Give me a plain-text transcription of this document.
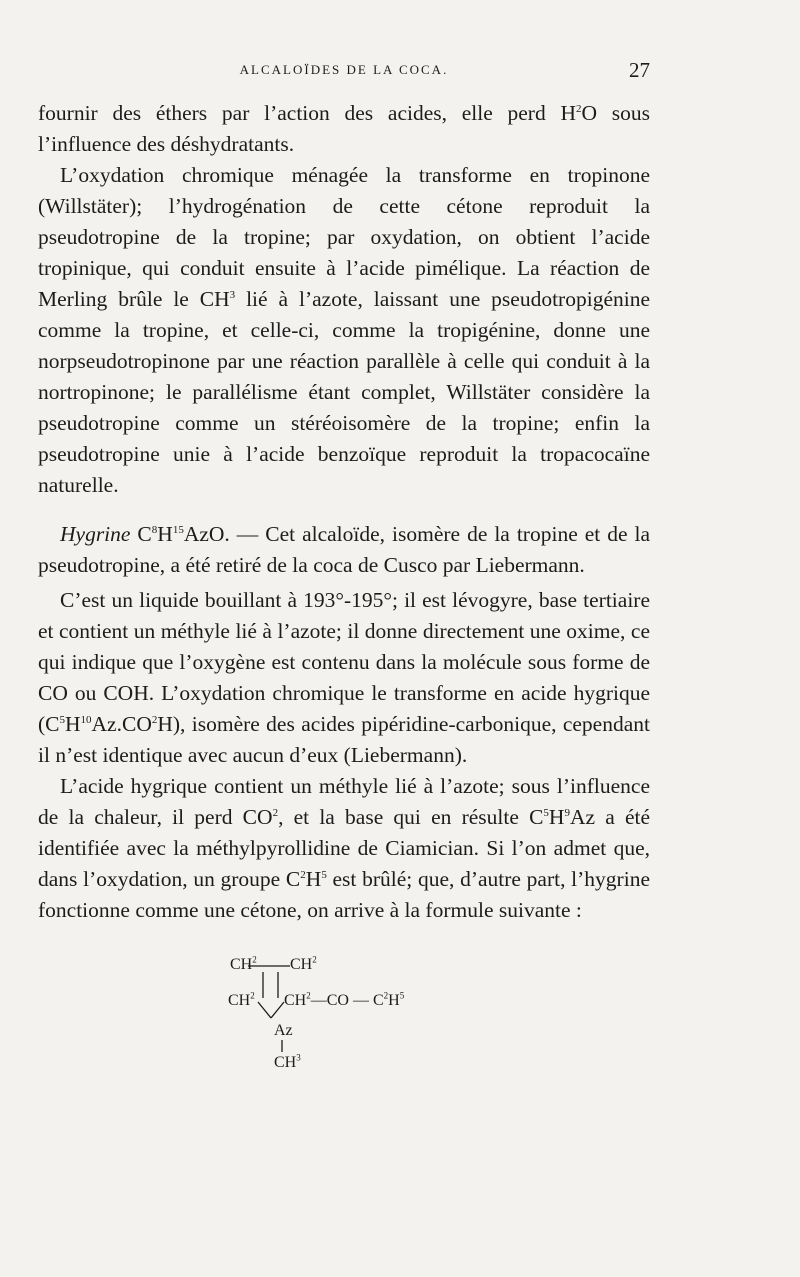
ALCALOÏDES DE LA COCA.	27

fournir des éthers par l’action des acides, elle perd $H^2O$ sous l’influence des déshydratants.

L’oxydation chromique ménagée la transforme en tropinone (Willstäter); l’hydrogénation de cette cétone reproduit la pseudotropine de la tropine; par oxydation, on obtient l’acide tropinique, qui conduit ensuite à l’acide pimélique. La réaction de Merling brûle le $CH^3$ lié à l’azote, laissant une pseudotropigénine comme la tropine, et celle-ci, comme la tropigénine, donne une norpseudotropinone par une réaction parallèle à celle qui conduit à la nortropinone; le parallélisme étant complet, Willstäter considère la pseudotropine comme un stéréoisomère de la tropine; enfin la pseudotropine unie à l’acide benzoïque reproduit la tropacocaïne naturelle.

Hygrine $C^8H^{15}AzO$. — Cet alcaloïde, isomère de la tropine et de la pseudotropine, a été retiré de la coca de Cusco par Liebermann.

C’est un liquide bouillant à 193°-195°; il est lévogyre, base tertiaire et contient un méthyle lié à l’azote; il donne directement une oxime, ce qui indique que l’oxygène est contenu dans la molécule sous forme de CO ou COH. L’oxydation chromique le transforme en acide hygrique $(C^5H^{10}Az.CO^2H)$, isomère des acides pipéridine-carbonique, cependant il n’est identique avec aucun d’eux (Liebermann).

L’acide hygrique contient un méthyle lié à l’azote; sous l’influence de la chaleur, il perd $CO^2$, et la base qui en résulte $C^5H^9Az$ a été identifiée avec la méthylpyrollidine de Ciamician. Si l’on admet que, dans l’oxydation, un groupe $C^2H^5$ est brûlé; que, d’autre part, l’hygrine fonctionne comme une cétone, on arrive à la formule suivante :

$CH^2$ $CH^2$
$CH^2$ $CH^2—CO$ — $C^2H^5$
Az
$CH^3$
